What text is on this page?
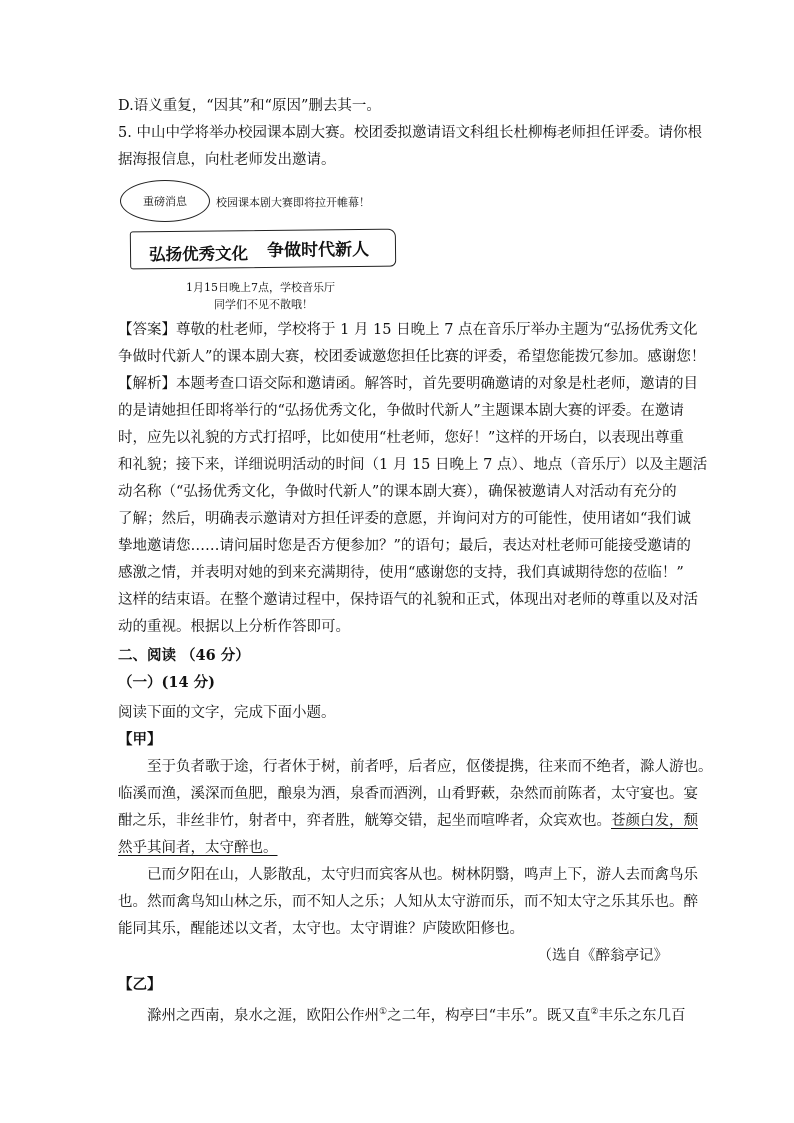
D.语义重复，“因其”和“原因”删去其一。
5. 中山中学将举办校园课本剧大赛。校团委拟邀请语文科组长杜柳梅老师担任评委。请你根
据海报信息，向杜老师发出邀请。
重磅消息	校园课本剧大赛即将拉开帷幕！
弘扬优秀文化 争做时代新人
1月15日晚上7点，学校音乐厅
同学们不见不散哦！
【答案】尊敬的杜老师，学校将于 1 月 15 日晚上 7 点在音乐厅举办主题为“弘扬优秀文化
争做时代新人”的课本剧大赛，校团委诚邀您担任比赛的评委，希望您能拨冗参加。感谢您！
【解析】本题考查口语交际和邀请函。解答时，首先要明确邀请的对象是杜老师，邀请的目
的是请她担任即将举行的“弘扬优秀文化，争做时代新人”主题课本剧大赛的评委。在邀请
时，应先以礼貌的方式打招呼，比如使用“杜老师，您好！”这样的开场白，以表现出尊重
和礼貌；接下来，详细说明活动的时间（1 月 15 日晚上 7 点）、地点（音乐厅）以及主题活
动名称（“弘扬优秀文化，争做时代新人”的课本剧大赛），确保被邀请人对活动有充分的
了解；然后，明确表示邀请对方担任评委的意愿，并询问对方的可能性，使用诸如“我们诚
挚地邀请您……请问届时您是否方便参加？”的语句；最后，表达对杜老师可能接受邀请的
感激之情，并表明对她的到来充满期待，使用“感谢您的支持，我们真诚期待您的莅临！”
这样的结束语。在整个邀请过程中，保持语气的礼貌和正式，体现出对老师的尊重以及对活
动的重视。根据以上分析作答即可。
二、阅读 （46 分）
（一）(14 分)
阅读下面的文字，完成下面小题。
【甲】
至于负者歌于途，行者休于树，前者呼，后者应，伛偻提携，往来而不绝者，滁人游也。
临溪而渔，溪深而鱼肥，酿泉为酒，泉香而酒洌，山肴野蔌，杂然而前陈者，太守宴也。宴
酣之乐，非丝非竹，射者中，弈者胜，觥筹交错，起坐而喧哗者，众宾欢也。苍颜白发，颓
然乎其间者，太守醉也。
已而夕阳在山，人影散乱，太守归而宾客从也。树林阴翳，鸣声上下，游人去而禽鸟乐
也。然而禽鸟知山林之乐，而不知人之乐；人知从太守游而乐，而不知太守之乐其乐也。醉
能同其乐，醒能述以文者，太守也。太守谓谁？庐陵欧阳修也。
（选自《醉翁亭记》
【乙】
滁州之西南，泉水之涯，欧阳公作州①之二年，构亭曰“丰乐”。既又直②丰乐之东几百
